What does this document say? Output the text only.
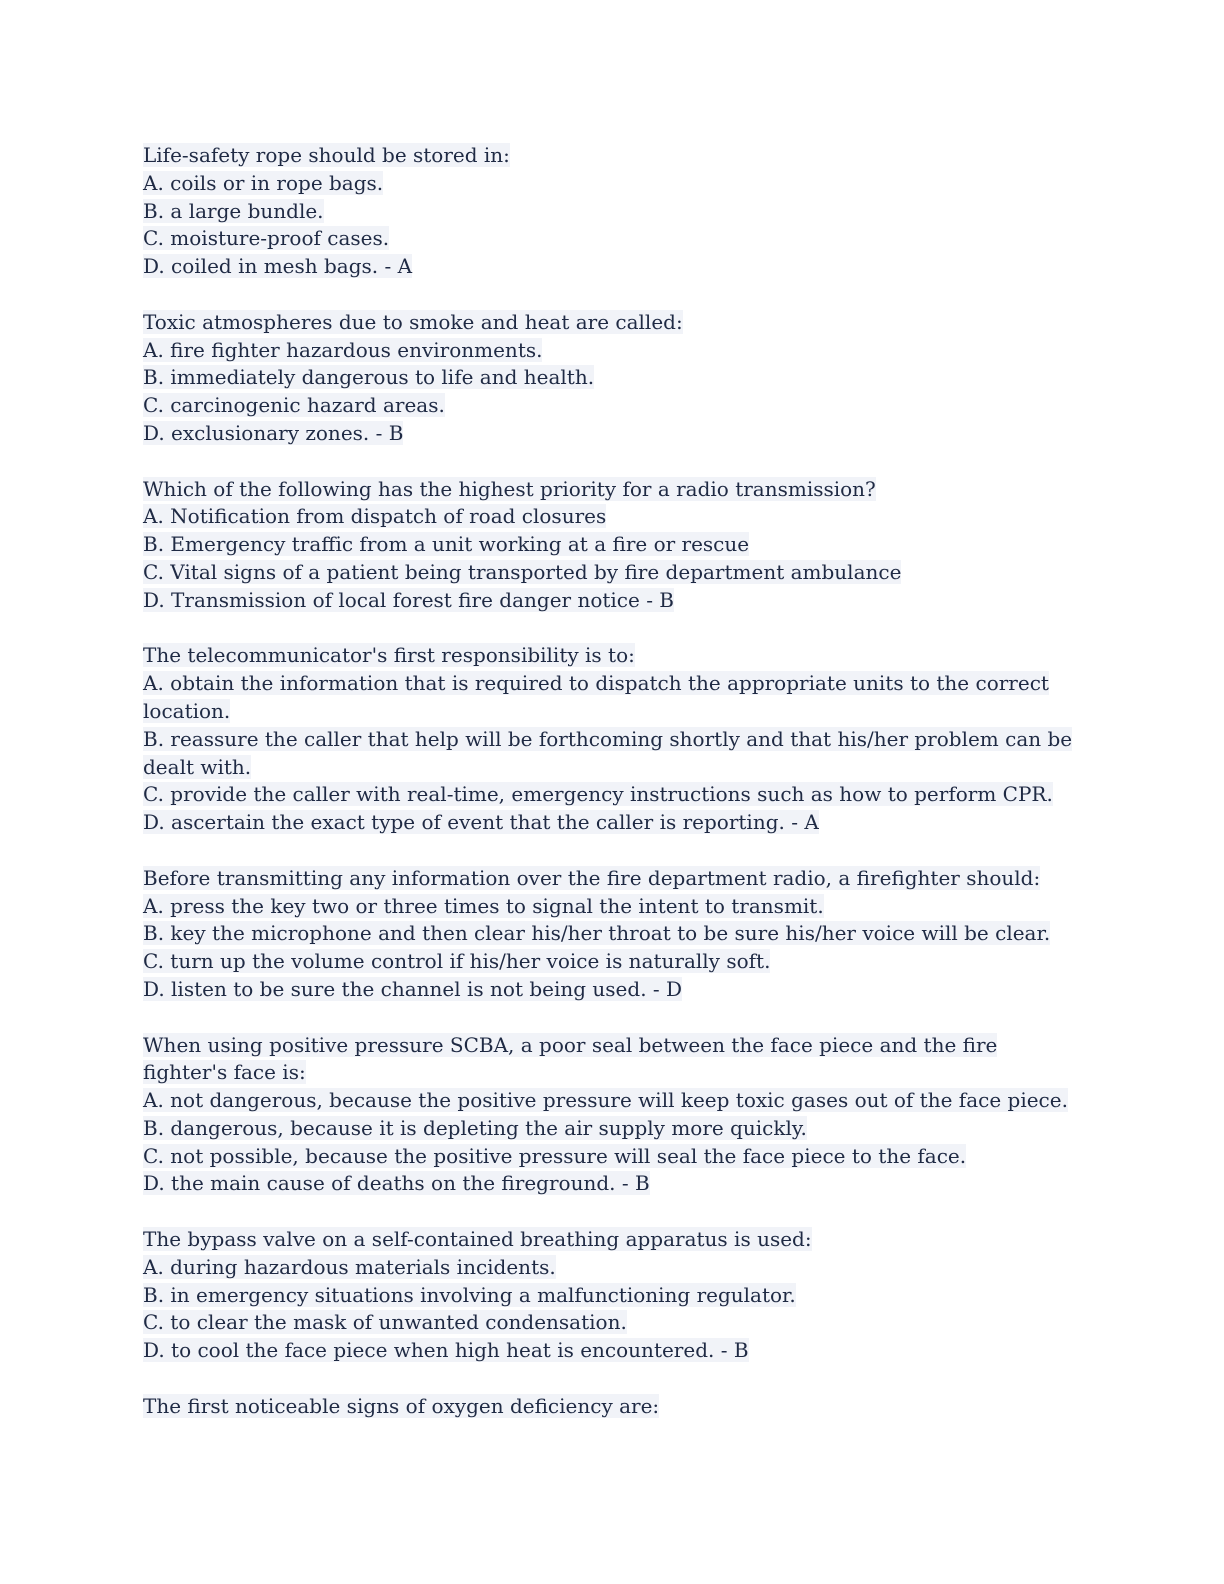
Life-safety rope should be stored in:
A. coils or in rope bags.
B. a large bundle.
C. moisture-proof cases.
D. coiled in mesh bags. - A
Toxic atmospheres due to smoke and heat are called:
A. fire fighter hazardous environments.
B. immediately dangerous to life and health.
C. carcinogenic hazard areas.
D. exclusionary zones. - B
Which of the following has the highest priority for a radio transmission?
A. Notification from dispatch of road closures
B. Emergency traffic from a unit working at a fire or rescue
C. Vital signs of a patient being transported by fire department ambulance
D. Transmission of local forest fire danger notice - B
The telecommunicator's first responsibility is to:
A. obtain the information that is required to dispatch the appropriate units to the correct location.
B. reassure the caller that help will be forthcoming shortly and that his/her problem can be dealt with.
C. provide the caller with real-time, emergency instructions such as how to perform CPR.
D. ascertain the exact type of event that the caller is reporting. - A
Before transmitting any information over the fire department radio, a firefighter should:
A. press the key two or three times to signal the intent to transmit.
B. key the microphone and then clear his/her throat to be sure his/her voice will be clear.
C. turn up the volume control if his/her voice is naturally soft.
D. listen to be sure the channel is not being used. - D
When using positive pressure SCBA, a poor seal between the face piece and the fire fighter's face is:
A. not dangerous, because the positive pressure will keep toxic gases out of the face piece.
B. dangerous, because it is depleting the air supply more quickly.
C. not possible, because the positive pressure will seal the face piece to the face.
D. the main cause of deaths on the fireground. - B
The bypass valve on a self-contained breathing apparatus is used:
A. during hazardous materials incidents.
B. in emergency situations involving a malfunctioning regulator.
C. to clear the mask of unwanted condensation.
D. to cool the face piece when high heat is encountered. - B
The first noticeable signs of oxygen deficiency are:
